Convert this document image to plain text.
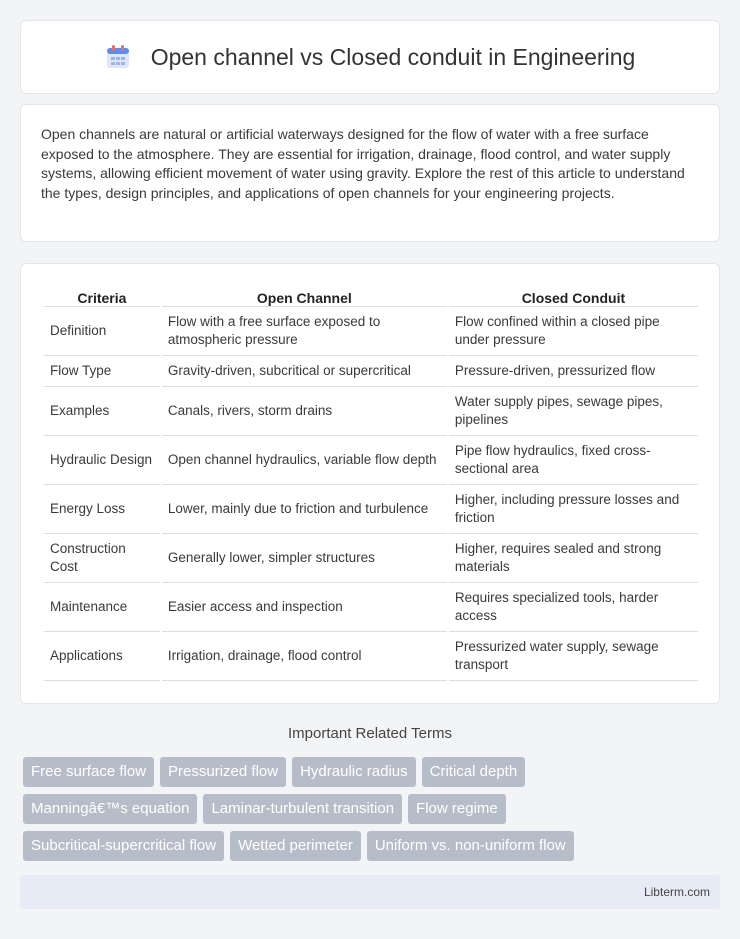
Open channel vs Closed conduit in Engineering

Open channels are natural or artificial waterways designed for the flow of water with a free surface exposed to the atmosphere. They are essential for irrigation, drainage, flood control, and water supply systems, allowing efficient movement of water using gravity. Explore the rest of this article to understand the types, design principles, and applications of open channels for your engineering projects.

Criteria	Open Channel	Closed Conduit
Definition	Flow with a free surface exposed to atmospheric pressure	Flow confined within a closed pipe under pressure
Flow Type	Gravity-driven, subcritical or supercritical	Pressure-driven, pressurized flow
Examples	Canals, rivers, storm drains	Water supply pipes, sewage pipes, pipelines
Hydraulic Design	Open channel hydraulics, variable flow depth	Pipe flow hydraulics, fixed cross-sectional area
Energy Loss	Lower, mainly due to friction and turbulence	Higher, including pressure losses and friction
Construction Cost	Generally lower, simpler structures	Higher, requires sealed and strong materials
Maintenance	Easier access and inspection	Requires specialized tools, harder access
Applications	Irrigation, drainage, flood control	Pressurized water supply, sewage transport
Important Related Terms
Free surface flow	Pressurized flow	Hydraulic radius	Critical depth
Manningâ€™s equation	Laminar-turbulent transition	Flow regime
Subcritical-supercritical flow	Wetted perimeter	Uniform vs. non-uniform flow
Libterm.com
